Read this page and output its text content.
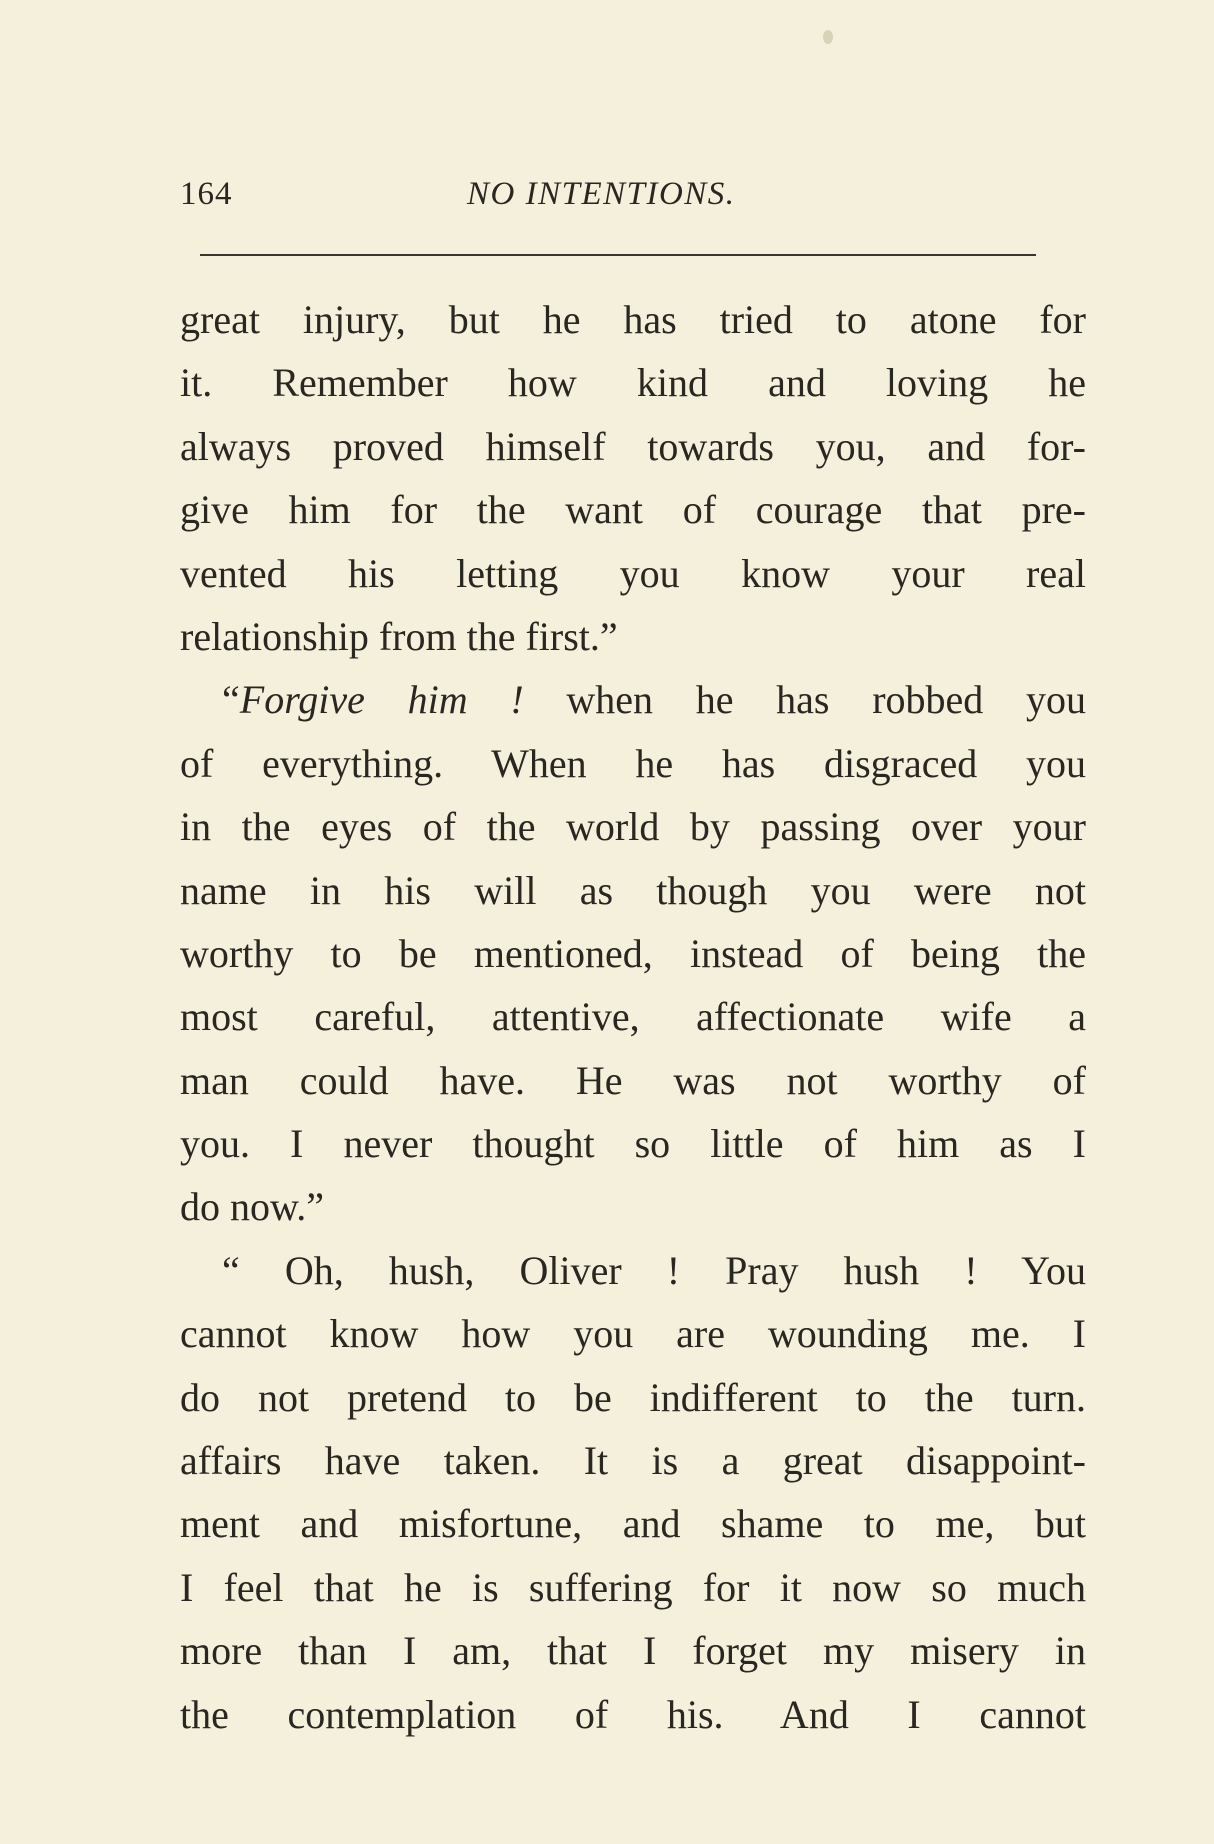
164	NO INTENTIONS.
great injury, but he has tried to atone for
it. Remember how kind and loving he
always proved himself towards you, and for-
give him for the want of courage that pre-
vented his letting you know your real
relationship from the first.”
“Forgive him ! when he has robbed you
of everything. When he has disgraced you
in the eyes of the world by passing over your
name in his will as though you were not
worthy to be mentioned, instead of being the
most careful, attentive, affectionate wife a
man could have. He was not worthy of
you. I never thought so little of him as I
do now.”
“ Oh, hush, Oliver ! Pray hush ! You
cannot know how you are wounding me. I
do not pretend to be indifferent to the turn.
affairs have taken. It is a great disappoint-
ment and misfortune, and shame to me, but
I feel that he is suffering for it now so much
more than I am, that I forget my misery in
the contemplation of his. And I cannot
